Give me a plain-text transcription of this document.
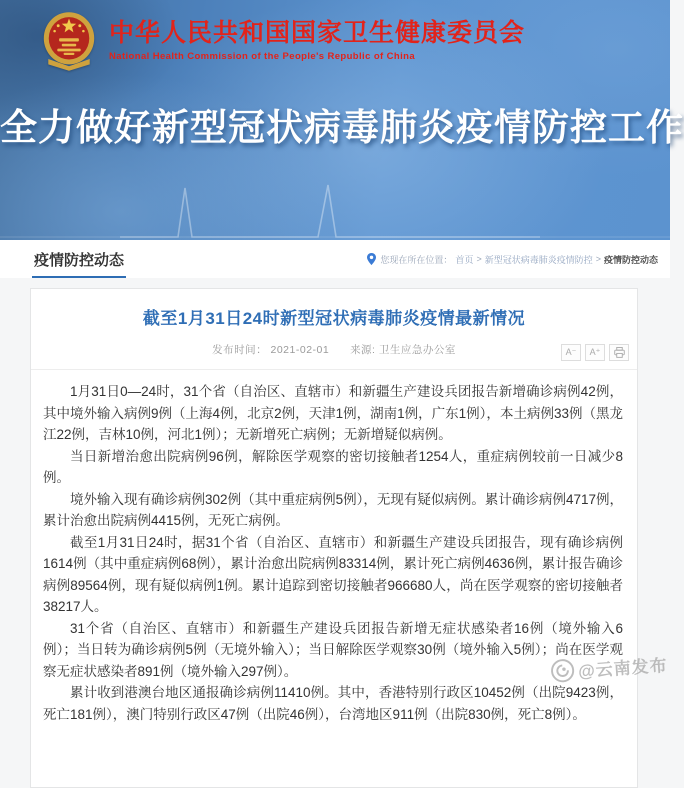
中华人民共和国国家卫生健康委员会
National Health Commission of the People's Republic of China
全力做好新型冠状病毒肺炎疫情防控工作
疫情防控动态	您现在所在位置： 首页 > 新型冠状病毒肺炎疫情防控 > 疫情防控动态
截至1月31日24时新型冠状病毒肺炎疫情最新情况
发布时间： 2021-02-01 来源: 卫生应急办公室	A⁻	A⁺

1月31日0—24时，31个省（自治区、直辖市）和新疆生产建设兵团报告新增确诊病例42例，其中境外输入病例9例（上海4例，北京2例，天津1例，湖南1例，广东1例），本土病例33例（黑龙江22例，吉林10例，河北1例）；无新增死亡病例；无新增疑似病例。

当日新增治愈出院病例96例，解除医学观察的密切接触者1254人，重症病例较前一日减少8例。

境外输入现有确诊病例302例（其中重症病例5例），无现有疑似病例。累计确诊病例4717例，累计治愈出院病例4415例，无死亡病例。

截至1月31日24时，据31个省（自治区、直辖市）和新疆生产建设兵团报告，现有确诊病例1614例（其中重症病例68例），累计治愈出院病例83314例，累计死亡病例4636例，累计报告确诊病例89564例，现有疑似病例1例。累计追踪到密切接触者966680人，尚在医学观察的密切接触者38217人。

31个省（自治区、直辖市）和新疆生产建设兵团报告新增无症状感染者16例（境外输入6例）；当日转为确诊病例5例（无境外输入）；当日解除医学观察30例（境外输入5例）；尚在医学观察无症状感染者891例（境外输入297例）。

累计收到港澳台地区通报确诊病例11410例。其中，香港特别行政区10452例（出院9423例，死亡181例），澳门特别行政区47例（出院46例），台湾地区911例（出院830例，死亡8例）。

@云南发布
